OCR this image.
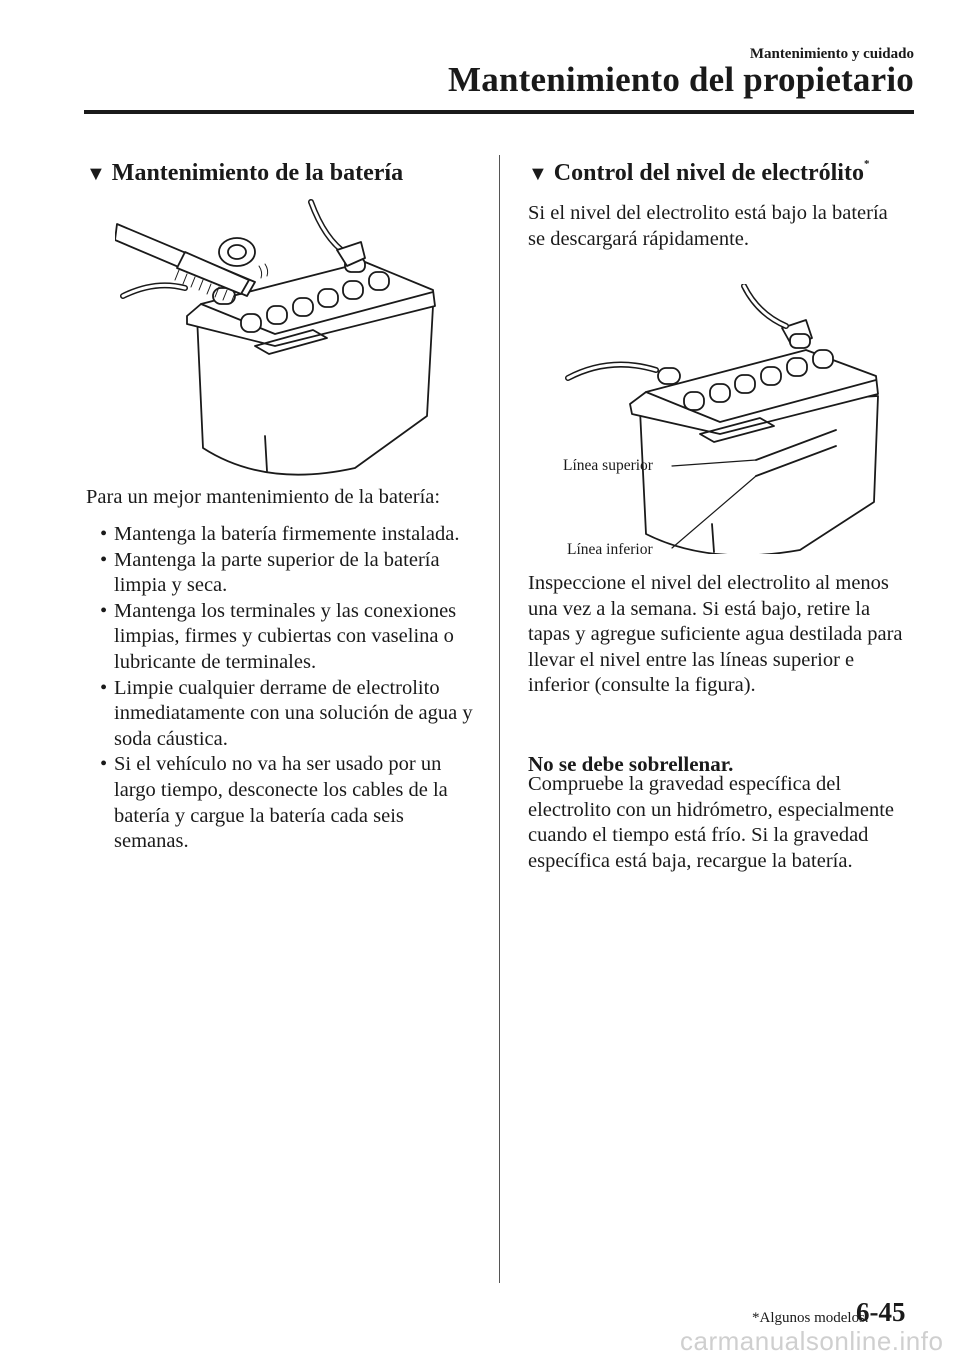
Mantenimiento y cuidado
Mantenimiento del propietario
▼ Mantenimiento de la batería
Para un mejor mantenimiento de la batería:
• Mantenga la batería firmemente instalada.
• Mantenga la parte superior de la batería limpia y seca.
• Mantenga los terminales y las conexiones limpias, firmes y cubiertas con vaselina o lubricante de terminales.
• Limpie cualquier derrame de electrolito inmediatamente con una solución de agua y soda cáustica.
• Si el vehículo no va ha ser usado por un largo tiempo, desconecte los cables de la batería y cargue la batería cada seis semanas.
▼ Control del nivel de electrólito*
Si el nivel del electrolito está bajo la batería se descargará rápidamente.
Línea superior
Línea inferior
Inspeccione el nivel del electrolito al menos una vez a la semana. Si está bajo, retire la tapas y agregue suficiente agua destilada para llevar el nivel entre las líneas superior e inferior (consulte la figura).
No se debe sobrellenar.
Compruebe la gravedad específica del electrolito con un hidrómetro, especialmente cuando el tiempo está frío. Si la gravedad específica está baja, recargue la batería.
*Algunos modelos.
6-45
carmanualsonline.info
